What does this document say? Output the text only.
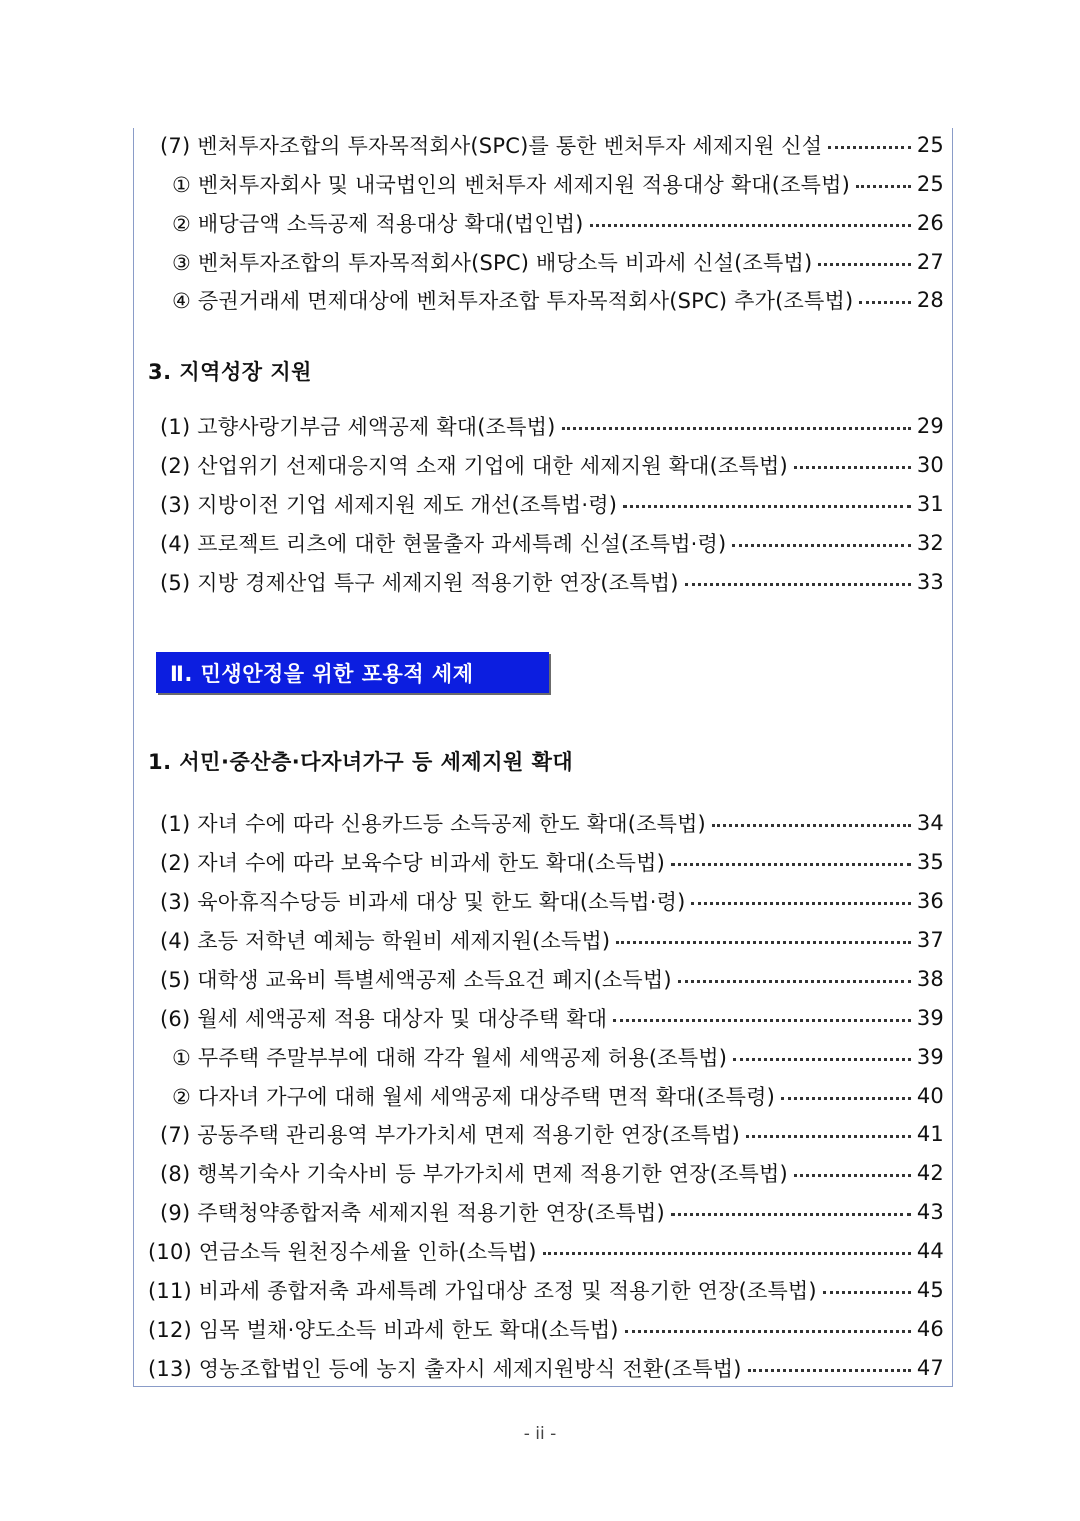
(7) 벤처투자조합의 투자목적회사(SPC)를 통한 벤처투자 세제지원 신설	25
① 벤처투자회사 및 내국법인의 벤처투자 세제지원 적용대상 확대(조특법)	25
② 배당금액 소득공제 적용대상 확대(법인법)	26
③ 벤처투자조합의 투자목적회사(SPC) 배당소득 비과세 신설(조특법)	27
④ 증권거래세 면제대상에 벤처투자조합 투자목적회사(SPC) 추가(조특법)	28
3. 지역성장 지원
(1) 고향사랑기부금 세액공제 확대(조특법)	29
(2) 산업위기 선제대응지역 소재 기업에 대한 세제지원 확대(조특법)	30
(3) 지방이전 기업 세제지원 제도 개선(조특법·령)	31
(4) 프로젝트 리츠에 대한 현물출자 과세특례 신설(조특법·령)	32
(5) 지방 경제산업 특구 세제지원 적용기한 연장(조특법)	33
Ⅱ. 민생안정을 위한 포용적 세제
1. 서민·중산층·다자녀가구 등 세제지원 확대
(1) 자녀 수에 따라 신용카드등 소득공제 한도 확대(조특법)	34
(2) 자녀 수에 따라 보육수당 비과세 한도 확대(소득법)	35
(3) 육아휴직수당등 비과세 대상 및 한도 확대(소득법·령)	36
(4) 초등 저학년 예체능 학원비 세제지원(소득법)	37
(5) 대학생 교육비 특별세액공제 소득요건 폐지(소득법)	38
(6) 월세 세액공제 적용 대상자 및 대상주택 확대	39
① 무주택 주말부부에 대해 각각 월세 세액공제 허용(조특법)	39
② 다자녀 가구에 대해 월세 세액공제 대상주택 면적 확대(조특령)	40
(7) 공동주택 관리용역 부가가치세 면제 적용기한 연장(조특법)	41
(8) 행복기숙사 기숙사비 등 부가가치세 면제 적용기한 연장(조특법)	42
(9) 주택청약종합저축 세제지원 적용기한 연장(조특법)	43
(10) 연금소득 원천징수세율 인하(소득법)	44
(11) 비과세 종합저축 과세특례 가입대상 조정 및 적용기한 연장(조특법)	45
(12) 임목 벌채·양도소득 비과세 한도 확대(소득법)	46
(13) 영농조합법인 등에 농지 출자시 세제지원방식 전환(조특법)	47
- ii -
